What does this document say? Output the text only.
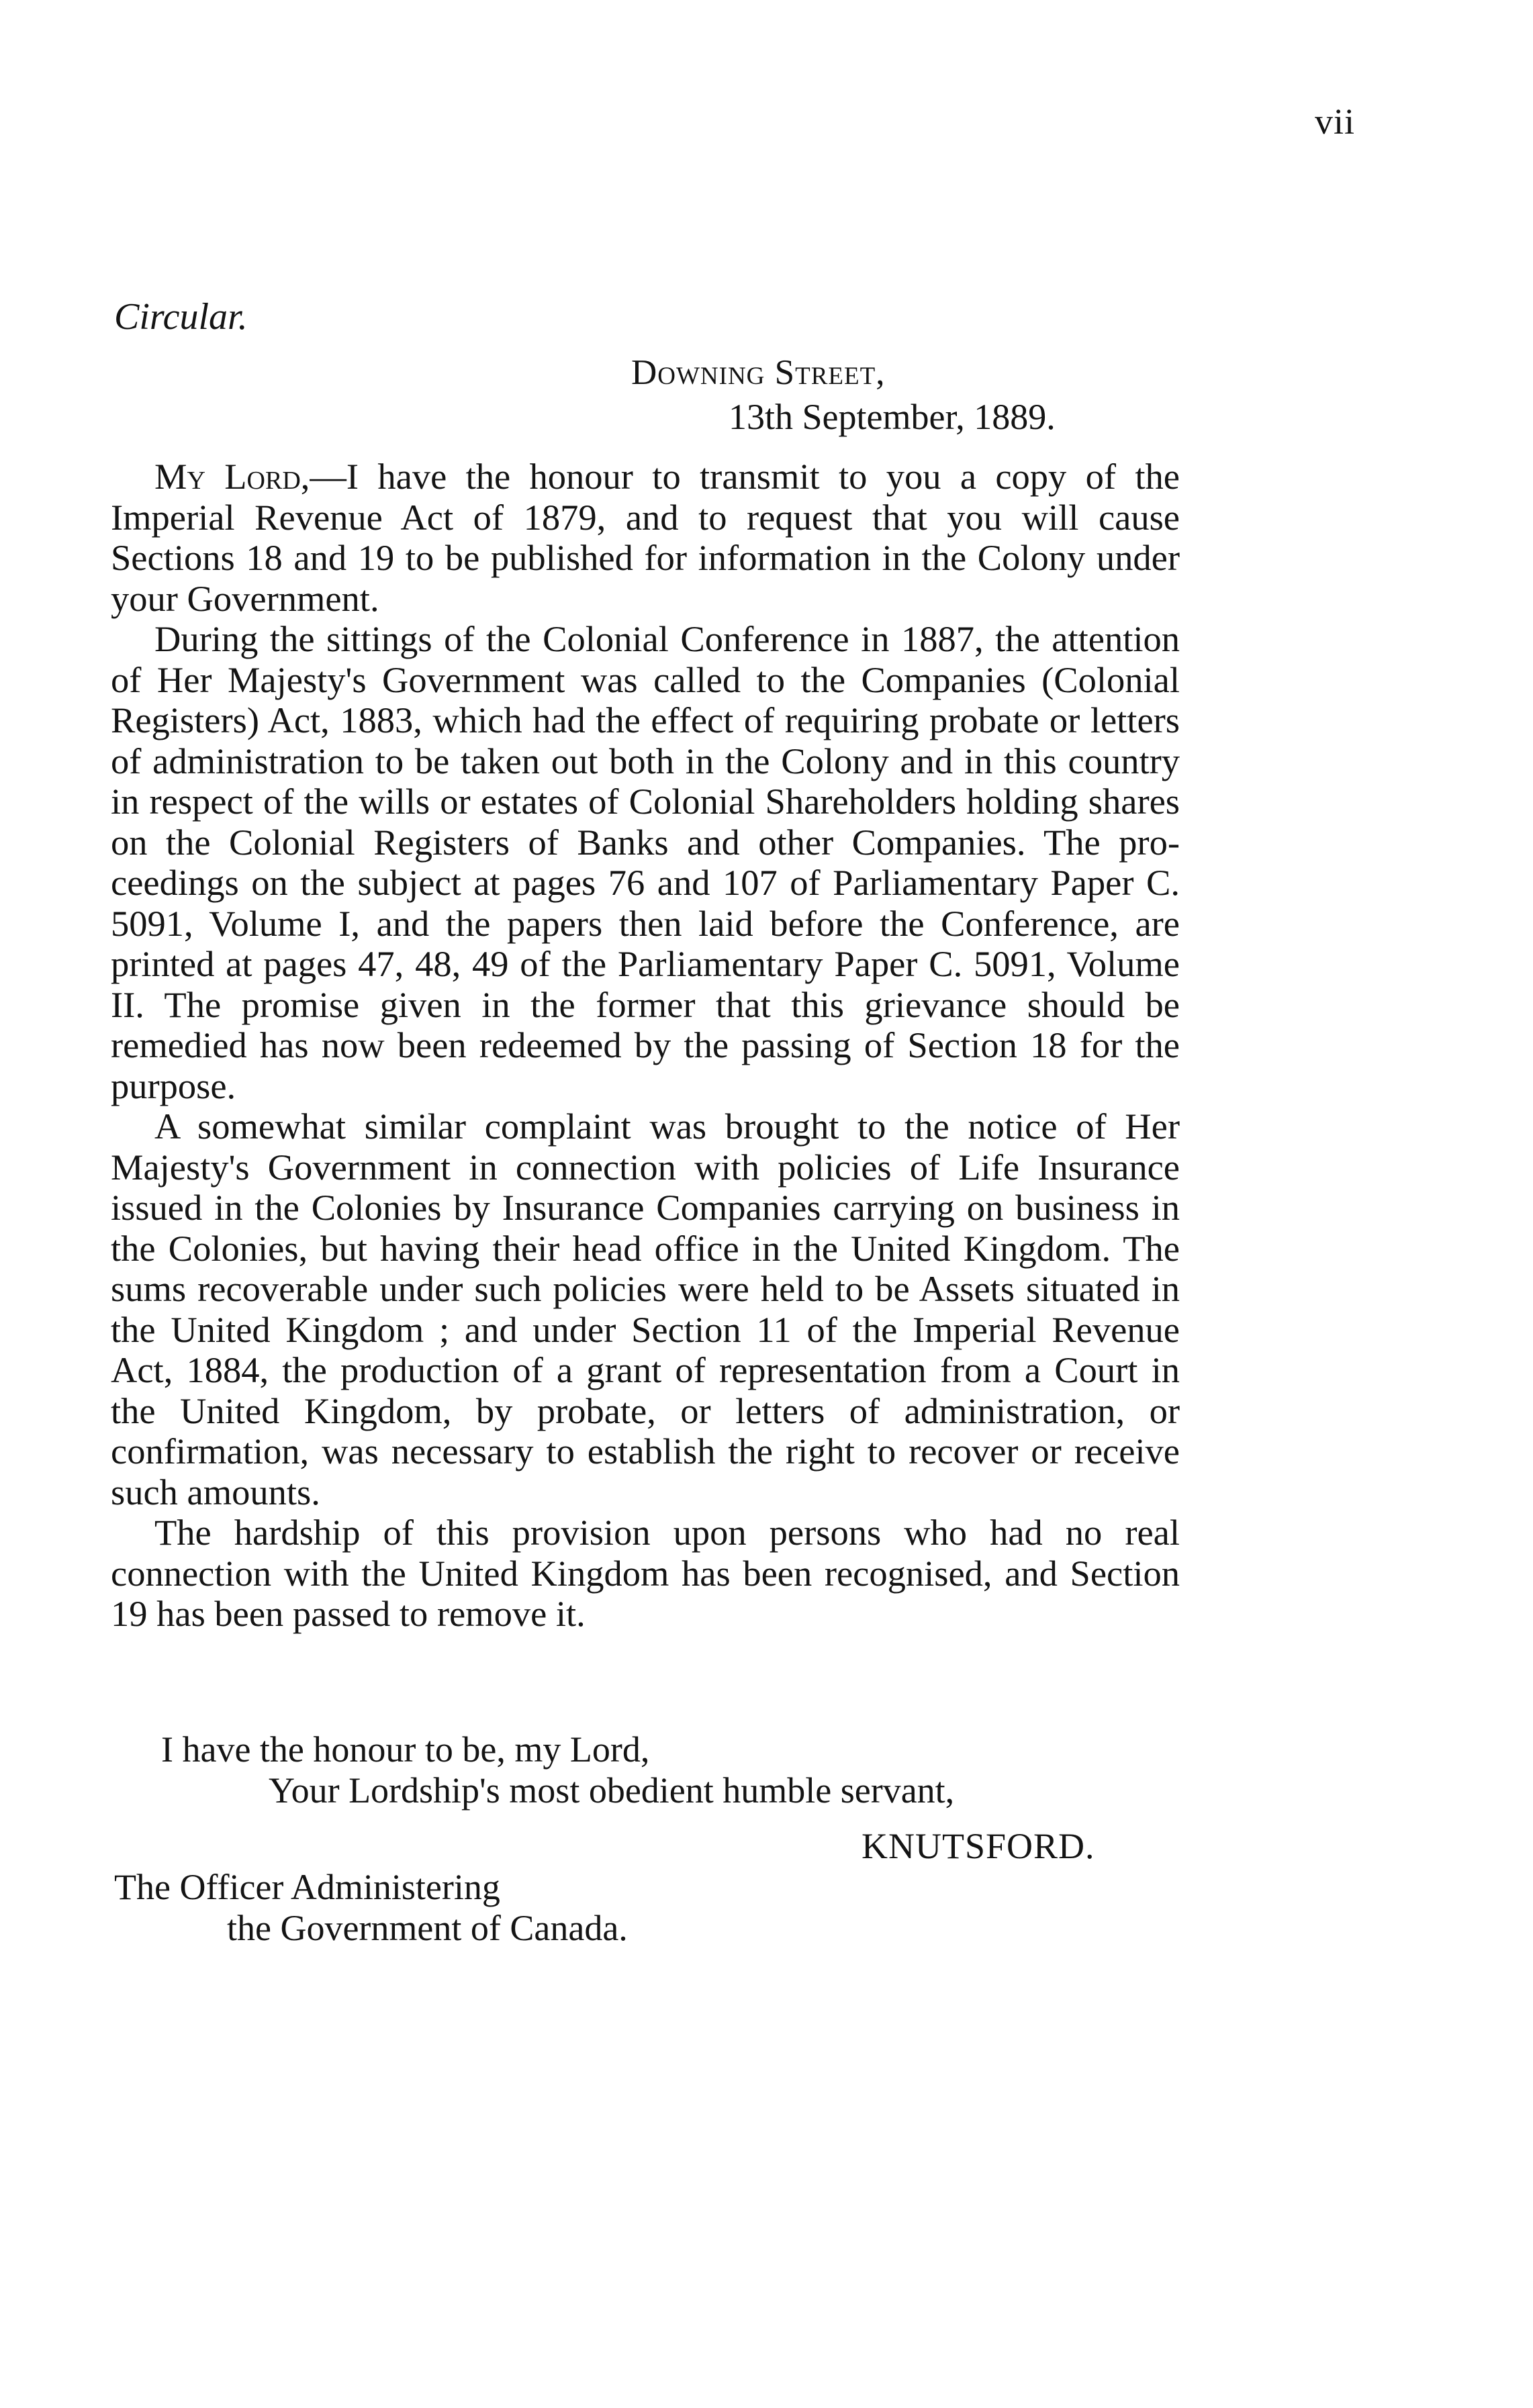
vii
Circular.
Downing Street,
13th September, 1889.

My Lord,—I have the honour to transmit to you a copy of the Imperial Revenue Act of 1879, and to request that you will cause Sections 18 and 19 to be published for information in the Colony under your Government.

During the sittings of the Colonial Conference in 1887, the attention of Her Majesty's Government was called to the Companies (Colonial Registers) Act, 1883, which had the effect of requiring probate or letters of administration to be taken out both in the Colony and in this country in respect of the wills or estates of Colonial Shareholders holding shares on the Colonial Registers of Banks and other Companies. The proceedings on the subject at pages 76 and 107 of Parliamentary Paper C. 5091, Volume I, and the papers then laid before the Conference, are printed at pages 47, 48, 49 of the Parliamentary Paper C. 5091, Volume II. The promise given in the former that this grievance should be remedied has now been redeemed by the passing of Section 18 for the purpose.

A somewhat similar complaint was brought to the notice of Her Majesty's Government in connection with policies of Life Insurance issued in the Colonies by Insurance Companies carrying on business in the Colonies, but having their head office in the United Kingdom. The sums recoverable under such policies were held to be Assets situated in the United Kingdom ; and under Section 11 of the Imperial Revenue Act, 1884, the production of a grant of representation from a Court in the United Kingdom, by probate, or letters of administration, or confirmation, was necessary to establish the right to recover or receive such amounts.

The hardship of this provision upon persons who had no real connection with the United Kingdom has been recognised, and Section 19 has been passed to remove it.

I have the honour to be, my Lord,
Your Lordship's most obedient humble servant,
KNUTSFORD.
The Officer Administering
the Government of Canada.
